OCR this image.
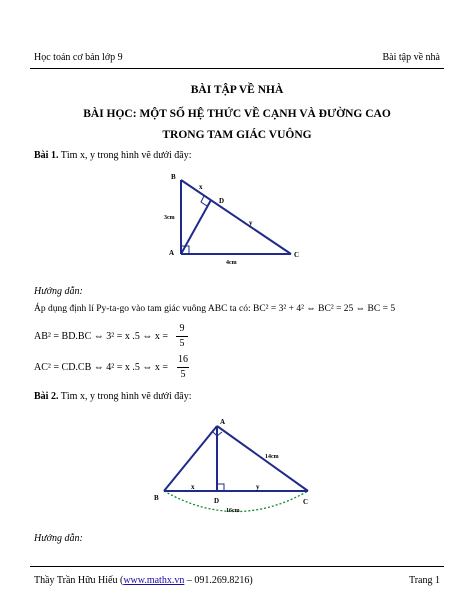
Học toán cơ bản lớp 9	Bài tập về nhà
BÀI TẬP VỀ NHÀ
BÀI HỌC: MỘT SỐ HỆ THỨC VỀ CẠNH VÀ ĐƯỜNG CAO
TRONG TAM GIÁC VUÔNG
Bài 1. Tìm x, y trong hình vẽ dưới đây:
B
A	C
D
x
y
3cm
4cm
Hướng dẫn:
Áp dụng định lí Py-ta-go vào tam giác vuông ABC ta có: BC² = 3² + 4² ⇔ BC² = 25 ⇔ BC = 5
AB² = BD.BC ⇔ 3² = x .5 ⇔ x =
9
5
AC² = CD.CB ⇔ 4² = x .5 ⇔ x =
16
5
Bài 2. Tìm x, y trong hình vẽ dưới đây:
A
B	D	C
x	y
14cm
16cm
Hướng dẫn:
Thầy Trần Hữu Hiếu (www.mathx.vn – 091.269.8216)	Trang 1
